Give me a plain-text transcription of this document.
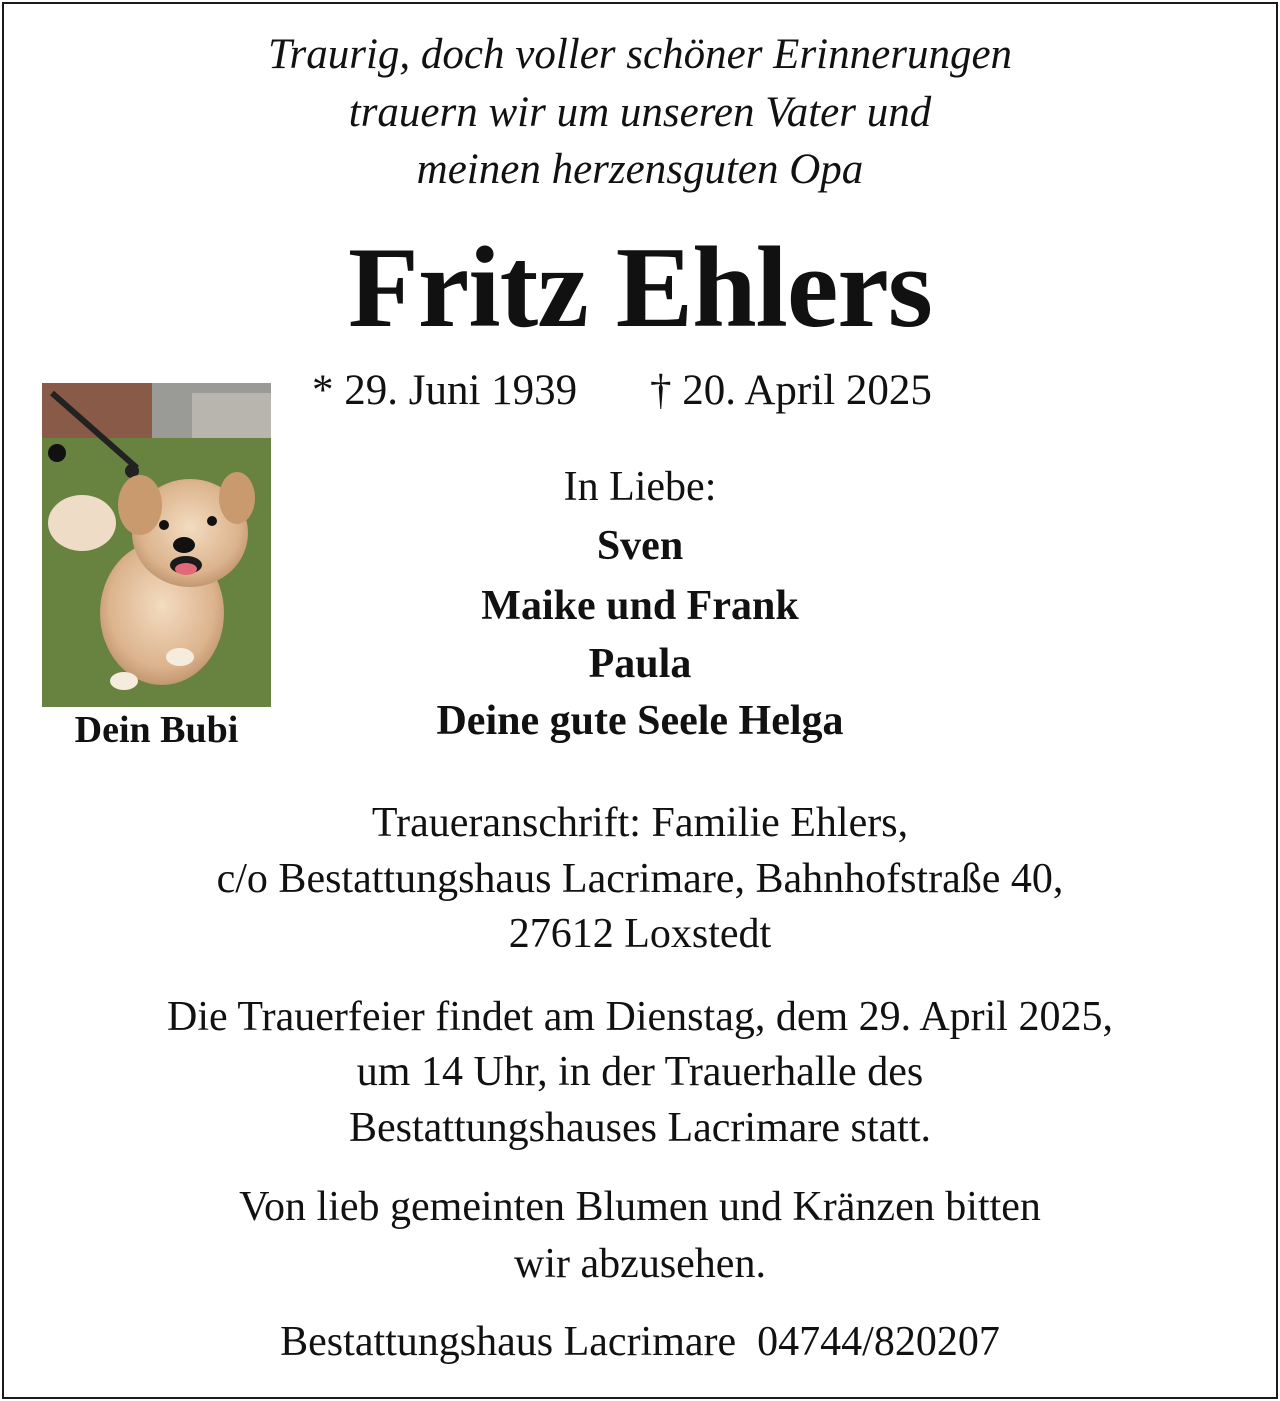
Traurig, doch voller schöner Erinnerungen
trauern wir um unseren Vater und
meinen herzensguten Opa
Fritz Ehlers
* 29. Juni 1939 † 20. April 2025
Dein Bubi
In Liebe:
Sven
Maike und Frank
Paula
Deine gute Seele Helga
Traueranschrift: Familie Ehlers,
c/o Bestattungshaus Lacrimare, Bahnhofstraße 40,
27612 Loxstedt
Die Trauerfeier findet am Dienstag, dem 29. April 2025,
um 14 Uhr, in der Trauerhalle des
Bestattungshauses Lacrimare statt.
Von lieb gemeinten Blumen und Kränzen bitten
wir abzusehen.
Bestattungshaus Lacrimare  04744/820207
